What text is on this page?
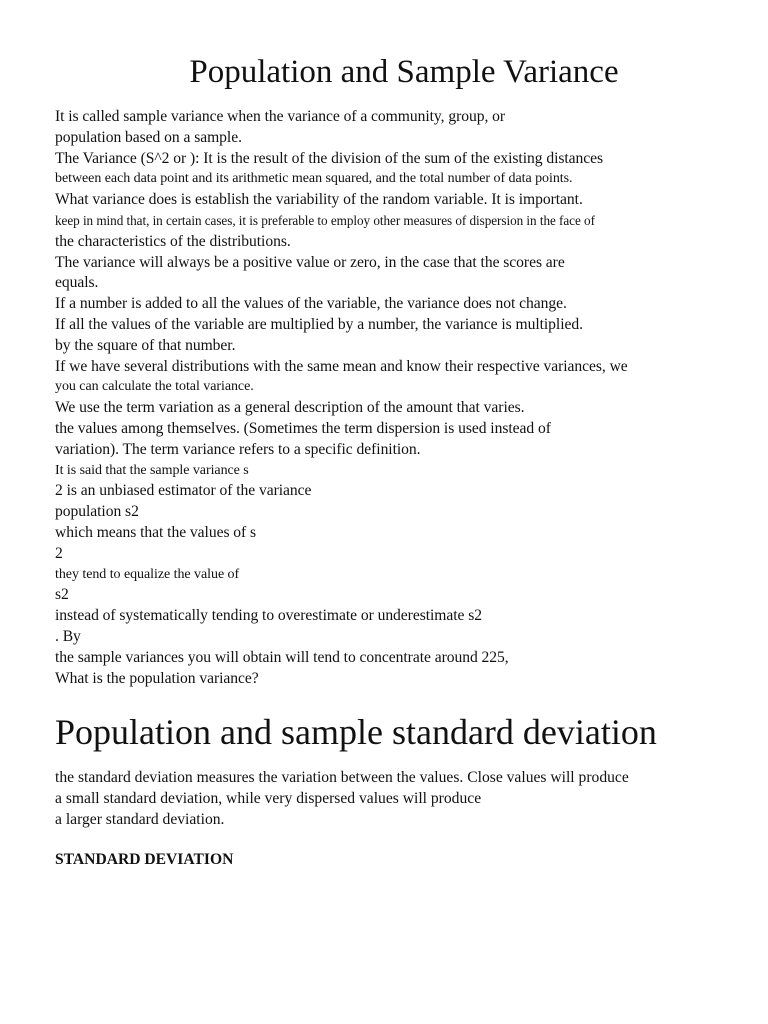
Population and Sample Variance
It is called sample variance when the variance of a community, group, or
population based on a sample.
The Variance (S^2 or ): It is the result of the division of the sum of the existing distances
between each data point and its arithmetic mean squared, and the total number of data points.
What variance does is establish the variability of the random variable. It is important.
keep in mind that, in certain cases, it is preferable to employ other measures of dispersion in the face of
the characteristics of the distributions.
The variance will always be a positive value or zero, in the case that the scores are
equals.
If a number is added to all the values of the variable, the variance does not change.
If all the values of the variable are multiplied by a number, the variance is multiplied.
by the square of that number.
If we have several distributions with the same mean and know their respective variances, we
you can calculate the total variance.
We use the term variation as a general description of the amount that varies.
the values among themselves. (Sometimes the term dispersion is used instead of
variation). The term variance refers to a specific definition.
It is said that the sample variance s
2 is an unbiased estimator of the variance
population s2
which means that the values of s
2
they tend to equalize the value of
s2
instead of systematically tending to overestimate or underestimate s2
. By
the sample variances you will obtain will tend to concentrate around 225,
What is the population variance?
Population and sample standard deviation
the standard deviation measures the variation between the values. Close values will produce
a small standard deviation, while very dispersed values will produce
a larger standard deviation.
STANDARD DEVIATION
